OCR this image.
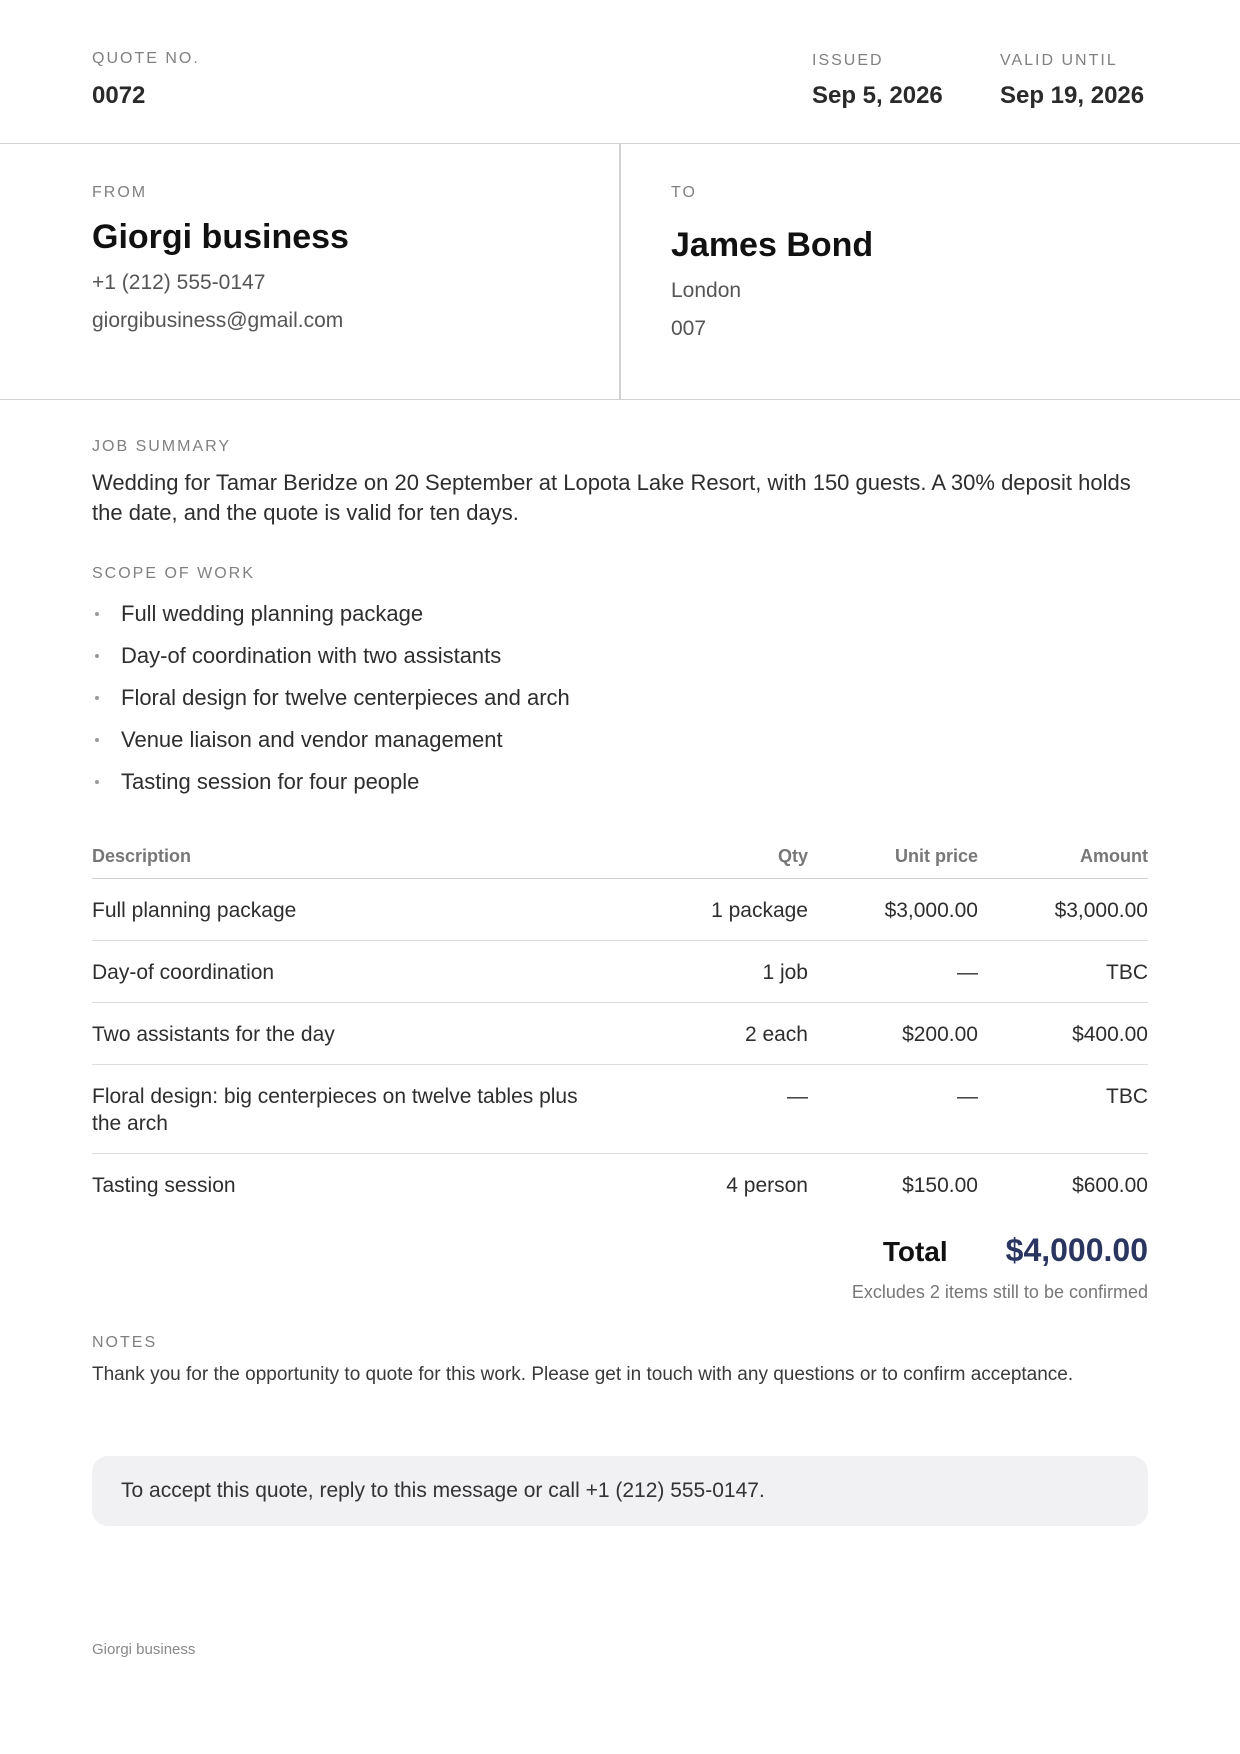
QUOTE NO.
0072
ISSUED
Sep 5, 2026
VALID UNTIL
Sep 19, 2026
FROM
Giorgi business
+1 (212) 555-0147
giorgibusiness@gmail.com
TO
James Bond
London
007
JOB SUMMARY
Wedding for Tamar Beridze on 20 September at Lopota Lake Resort, with 150 guests. A 30% deposit holds the date, and the quote is valid for ten days.
SCOPE OF WORK
Full wedding planning package
Day-of coordination with two assistants
Floral design for twelve centerpieces and arch
Venue liaison and vendor management
Tasting session for four people
Description	Qty	Unit price	Amount
Full planning package	1 package	$3,000.00	$3,000.00
Day-of coordination	1 job	—	TBC
Two assistants for the day	2 each	$200.00	$400.00
Floral design: big centerpieces on twelve tables plus the arch	—	—	TBC
Tasting session	4 person	$150.00	$600.00
Total $4,000.00
Excludes 2 items still to be confirmed
NOTES
Thank you for the opportunity to quote for this work. Please get in touch with any questions or to confirm acceptance.
To accept this quote, reply to this message or call +1 (212) 555-0147.
Giorgi business
